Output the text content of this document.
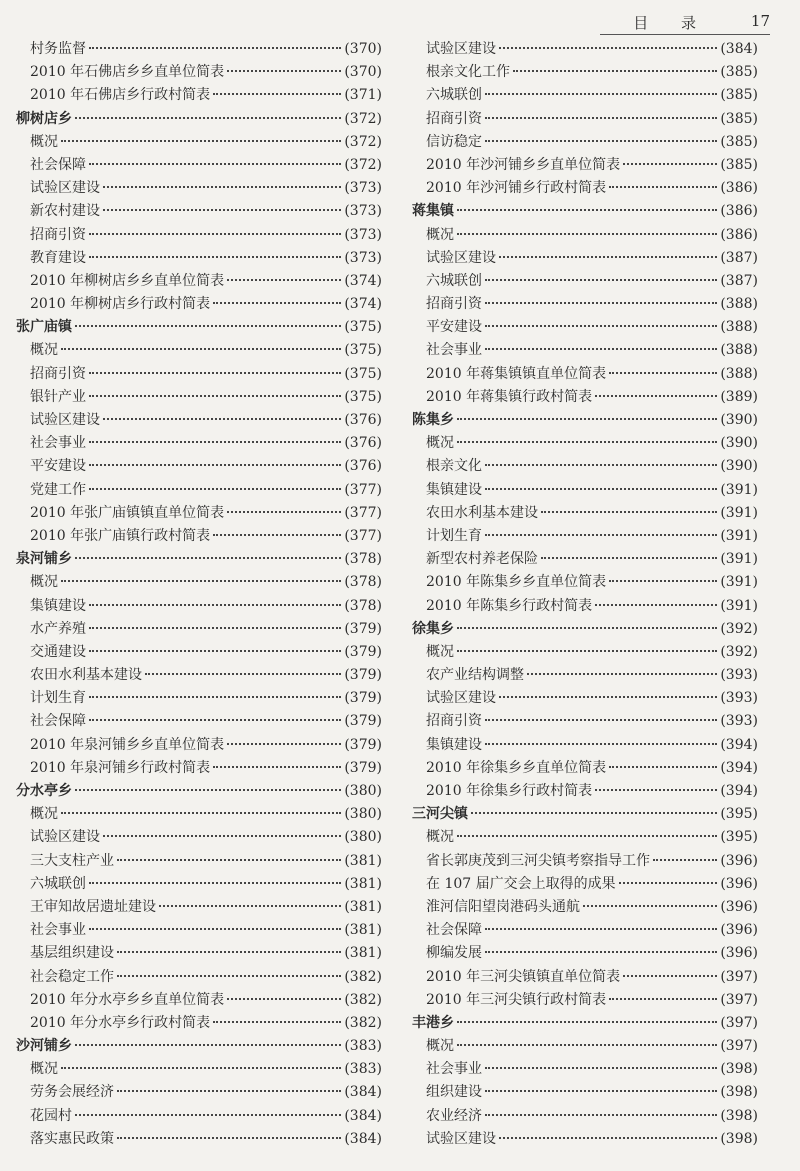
目 录	17
村务监督	(370)
2010 年石佛店乡乡直单位简表	(370)
2010 年石佛店乡行政村简表	(371)
柳树店乡	(372)
概况	(372)
社会保障	(372)
试验区建设	(373)
新农村建设	(373)
招商引资	(373)
教育建设	(373)
2010 年柳树店乡乡直单位简表	(374)
2010 年柳树店乡行政村简表	(374)
张广庙镇	(375)
概况	(375)
招商引资	(375)
银针产业	(375)
试验区建设	(376)
社会事业	(376)
平安建设	(376)
党建工作	(377)
2010 年张广庙镇镇直单位简表	(377)
2010 年张广庙镇行政村简表	(377)
泉河铺乡	(378)
概况	(378)
集镇建设	(378)
水产养殖	(379)
交通建设	(379)
农田水利基本建设	(379)
计划生育	(379)
社会保障	(379)
2010 年泉河铺乡乡直单位简表	(379)
2010 年泉河铺乡行政村简表	(379)
分水亭乡	(380)
概况	(380)
试验区建设	(380)
三大支柱产业	(381)
六城联创	(381)
王审知故居遗址建设	(381)
社会事业	(381)
基层组织建设	(381)
社会稳定工作	(382)
2010 年分水亭乡乡直单位简表	(382)
2010 年分水亭乡行政村简表	(382)
沙河铺乡	(383)
概况	(383)
劳务会展经济	(384)
花园村	(384)
落实惠民政策	(384)
试验区建设	(384)
根亲文化工作	(385)
六城联创	(385)
招商引资	(385)
信访稳定	(385)
2010 年沙河铺乡乡直单位简表	(385)
2010 年沙河铺乡行政村简表	(386)
蒋集镇	(386)
概况	(386)
试验区建设	(387)
六城联创	(387)
招商引资	(388)
平安建设	(388)
社会事业	(388)
2010 年蒋集镇镇直单位简表	(388)
2010 年蒋集镇行政村简表	(389)
陈集乡	(390)
概况	(390)
根亲文化	(390)
集镇建设	(391)
农田水利基本建设	(391)
计划生育	(391)
新型农村养老保险	(391)
2010 年陈集乡乡直单位简表	(391)
2010 年陈集乡行政村简表	(391)
徐集乡	(392)
概况	(392)
农产业结构调整	(393)
试验区建设	(393)
招商引资	(393)
集镇建设	(394)
2010 年徐集乡乡直单位简表	(394)
2010 年徐集乡行政村简表	(394)
三河尖镇	(395)
概况	(395)
省长郭庚茂到三河尖镇考察指导工作	(396)
在 107 届广交会上取得的成果	(396)
淮河信阳望岗港码头通航	(396)
社会保障	(396)
柳编发展	(396)
2010 年三河尖镇镇直单位简表	(397)
2010 年三河尖镇行政村简表	(397)
丰港乡	(397)
概况	(397)
社会事业	(398)
组织建设	(398)
农业经济	(398)
试验区建设	(398)
